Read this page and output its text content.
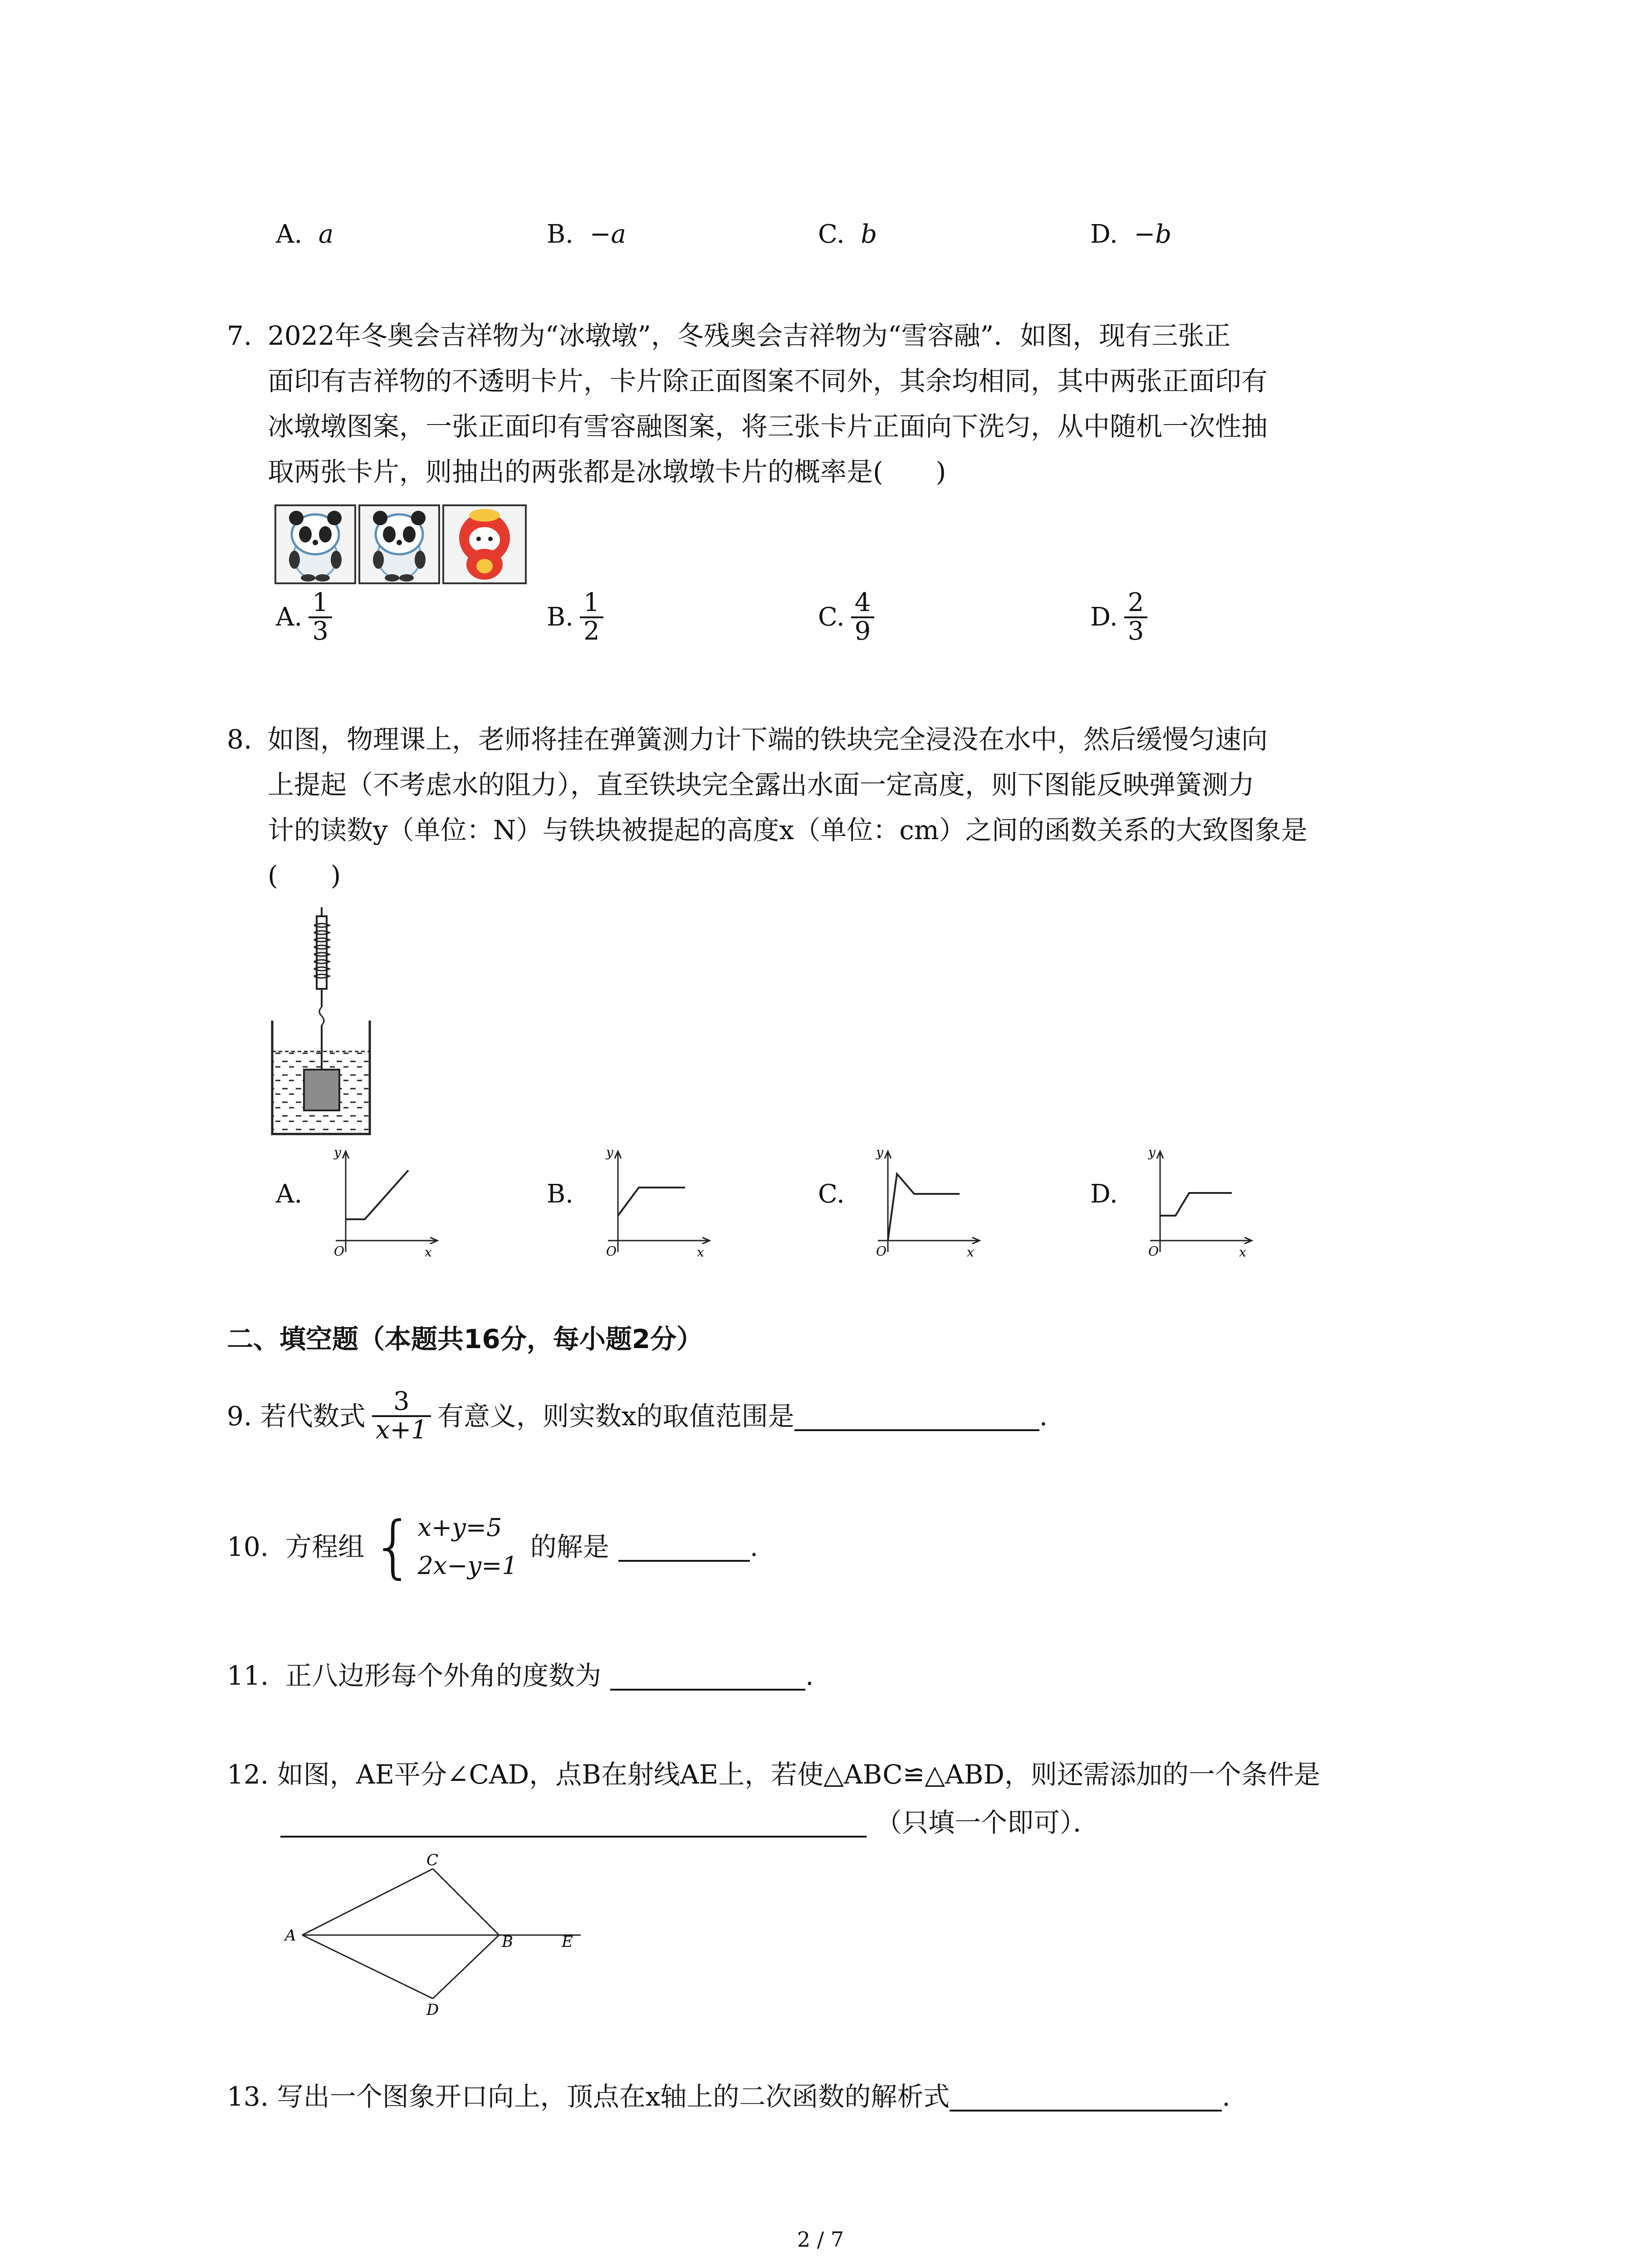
A. a	B. −a	C. b	D. −b
7. 2022年冬奥会吉祥物为“冰墩墩”，冬残奥会吉祥物为“雪容融”．如图，现有三张正
面印有吉祥物的不透明卡片，卡片除正面图案不同外，其余均相同，其中两张正面印有
冰墩墩图案，一张正面印有雪容融图案，将三张卡片正面向下洗匀，从中随机一次性抽
取两张卡片，则抽出的两张都是冰墩墩卡片的概率是(　　)
A. $\frac{1}{3}$	B. $\frac{1}{2}$	C. $\frac{4}{9}$	D. $\frac{2}{3}$
8. 如图，物理课上，老师将挂在弹簧测力计下端的铁块完全浸没在水中，然后缓慢匀速向
上提起（不考虑水的阻力），直至铁块完全露出水面一定高度，则下图能反映弹簧测力
计的读数y（单位：N）与铁块被提起的高度x（单位：cm）之间的函数关系的大致图象是
(　　)
A.
y
O	x
B.
y
O	x
C.
y
O	x
D.
y
O	x
二、填空题（本题共16分，每小题2分）
9.
若代数式 $\frac{3}{x+1}$ 有意义，则实数x的取值范围是	.
10.
方程组 { x+y=5
2x−y=1
的解是	.
11.
正八边形每个外角的度数为	.
12. 如图，AE平分∠CAD，点B在射线AE上，若使△ABC≌△ABD，则还需添加的一个条件是
（只填一个即可）．
A
C
B	E
D
13.
写出一个图象开口向上，顶点在x轴上的二次函数的解析式	.
2 / 7
